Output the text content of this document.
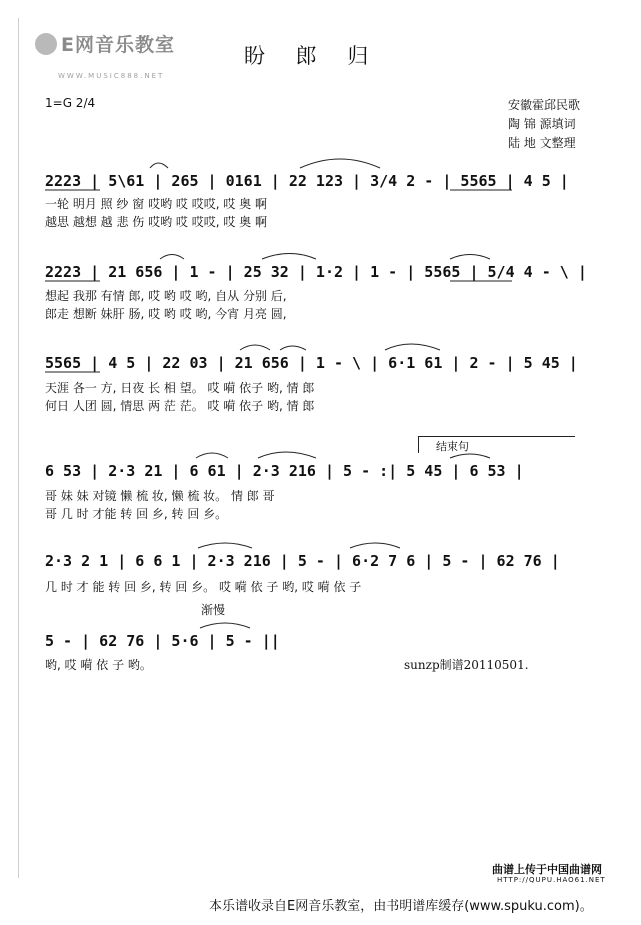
E网音乐教室
WWW.MUSIC888.NET
盼 郎 归
1=G 2/4	安徽霍邱民歌
陶 锦 源填词
陆 地 文整理
2223 | 5\61 | 265 | 0161 | 22 123 | 3/4 2 - | 5565 | 4 5 |
一轮 明月 照 纱 窗 哎哟 哎 哎哎, 哎 奥 啊
越思 越想 越 悲 伤 哎哟 哎 哎哎, 哎 奥 啊
2223 | 21 656 | 1 - | 25 32 | 1·2 | 1 - | 5565 | 5/4 4 - \ |
想起 我那 有情 郎, 哎 哟 哎 哟, 自从 分别 后,
郎走 想断 妹肝 肠, 哎 哟 哎 哟, 今宵 月亮 圆,
5565 | 4 5 | 22 03 | 21 656 | 1 - \ | 6·1 61 | 2 - | 5 45 |
天涯 各一 方, 日夜 长 相 望。 哎 嗬 依子 哟, 情 郎
何日 人团 圆, 情思 两 茫 茫。 哎 嗬 依子 哟, 情 郎
结束句
6 53 | 2·3 21 | 6 61 | 2·3 216 | 5 - :| 5 45 | 6 53 |
哥 妹 妹 对镜 懒 梳 妆, 懒 梳 妆。 情 郎 哥
哥 几 时 才能 转 回 乡, 转 回 乡。
2·3 2 1 | 6 6 1 | 2·3 216 | 5 - | 6·2 7 6 | 5 - | 62 76 |
几 时 才 能 转 回 乡, 转 回 乡。 哎 嗬 依 子 哟, 哎 嗬 依 子
渐慢
5 - | 62 76 | 5·6 | 5 - ||
哟, 哎 嗬 依 子 哟。	sunzp制谱20110501.
曲谱上传于中国曲谱网
HTTP://QUPU.HAO61.NET
本乐谱收录自E网音乐教室，由书明谱库缓存(www.spuku.com)。
